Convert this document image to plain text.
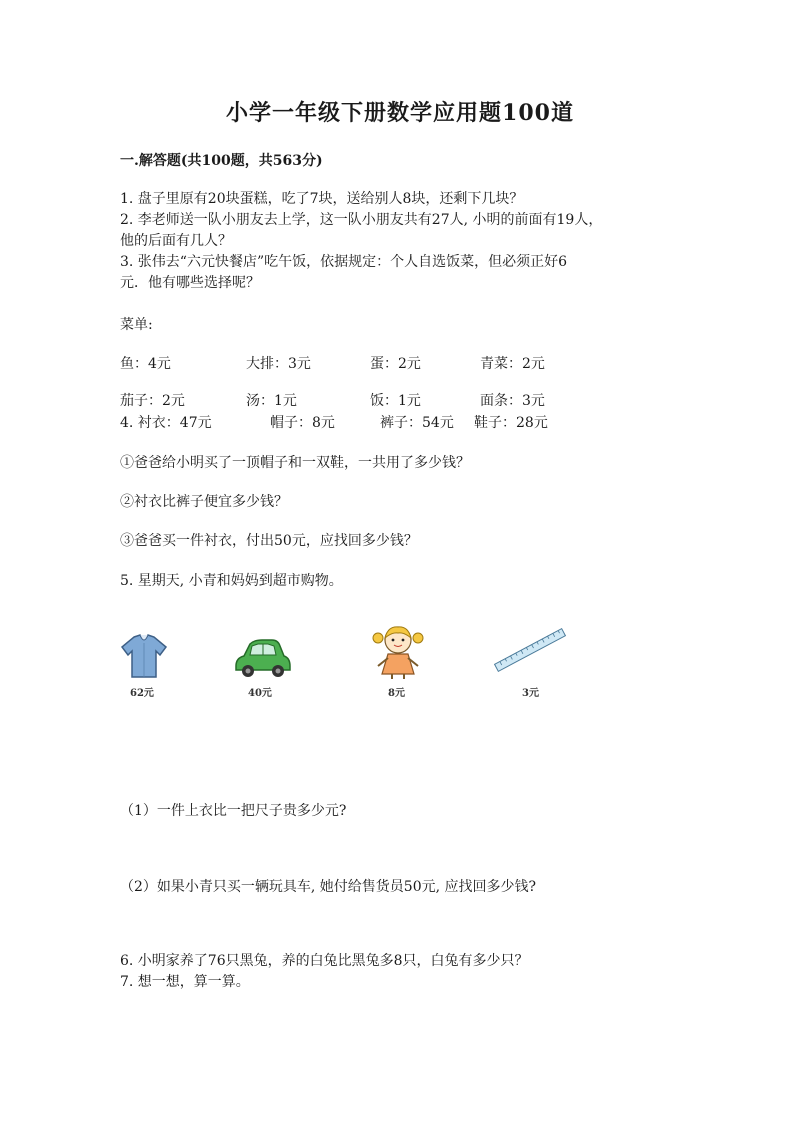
小学一年级下册数学应用题100道
一.解答题(共100题，共563分)
1. 盘子里原有20块蛋糕，吃了7块，送给别人8块，还剩下几块？
2. 李老师送一队小朋友去上学，这一队小朋友共有27人, 小明的前面有19人，
他的后面有几人？
3. 张伟去“六元快餐店”吃午饭，依据规定：个人自选饭菜，但必须正好6
元．他有哪些选择呢？
菜单:
鱼：4元	大排：3元	蛋：2元	青菜：2元
茄子：2元	汤：1元	饭：1元	面条：3元
4. 衬衣：47元	帽子：8元	裤子：54元 鞋子：28元
①爸爸给小明买了一顶帽子和一双鞋，一共用了多少钱？
②衬衣比裤子便宜多少钱？
③爸爸买一件衬衣，付出50元，应找回多少钱？
5. 星期天, 小青和妈妈到超市购物。
62元	40元	8元	3元
（1）一件上衣比一把尺子贵多少元?
（2）如果小青只买一辆玩具车, 她付给售货员50元, 应找回多少钱?
6. 小明家养了76只黑兔，养的白兔比黑兔多8只，白兔有多少只？
7. 想一想，算一算。
